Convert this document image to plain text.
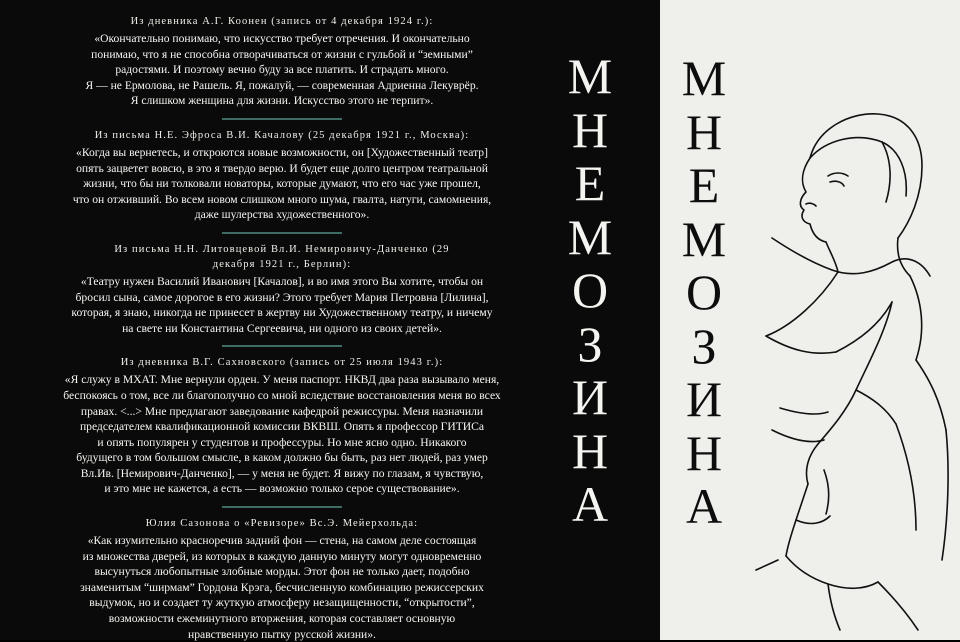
Из дневника А.Г. Коонен (запись от 4 декабря 1924 г.):
«Окончательно понимаю, что искусство требует отречения. И окончательно
понимаю, что я не способна отворачиваться от жизни с гульбой и “земными”
радостями. И поэтому вечно буду за все платить. И страдать много.
Я — не Ермолова, не Рашель. Я, пожалуй, — современная Адриенна Лекуврёр.
Я слишком женщина для жизни. Искусство этого не терпит».
Из письма Н.Е. Эфроса В.И. Качалову (25 декабря 1921 г., Москва):
«Когда вы вернетесь, и откроются новые возможности, он [Художественный театр]
опять зацветет вовсю, в это я твердо верю. И будет еще долго центром театральной
жизни, что бы ни толковали новаторы, которые думают, что его час уже прошел,
что он отживший. Во всем новом слишком много шума, гвалта, натуги, самомнения,
даже шулерства художественного».
Из письма Н.Н. Литовцевой Вл.И. Немировичу-Данченко (29 декабря 1921 г., Берлин):
«Театру нужен Василий Иванович [Качалов], и во имя этого Вы хотите, чтобы он
бросил сына, самое дорогое в его жизни? Этого требует Мария Петровна [Лилина],
которая, я знаю, никогда не принесет в жертву ни Художественному театру, и ничему
на свете ни Константина Сергеевича, ни одного из своих детей».
Из дневника В.Г. Сахновского (запись от 25 июля 1943 г.):
«Я служу в МХАТ. Мне вернули орден. У меня паспорт. НКВД два раза вызывало меня,
беспокоясь о том, все ли благополучно со мной вследствие восстановления меня во всех
правах. <...> Мне предлагают заведование кафедрой режиссуры. Меня назначили
председателем квалификационной комиссии ВКВШ. Опять я профессор ГИТИСа
и опять популярен у студентов и профессуры. Но мне ясно одно. Никакого
будущего в том большом смысле, в каком должно бы быть, раз нет людей, раз умер
Вл.Ив. [Немирович-Данченко], — у меня не будет. Я вижу по глазам, я чувствую,
и это мне не кажется, а есть — возможно только серое существование».
Юлия Сазонова о «Ревизоре» Вс.Э. Мейерхольда:
«Как изумительно красноречив задний фон — стена, на самом деле состоящая
из множества дверей, из которых в каждую данную минуту могут одновременно
высунуться любопытные злобные морды. Этот фон не только дает, подобно
знаменитым “ширмам” Гордона Крэга, бесчисленную комбинацию режиссерских
выдумок, но и создает ту жуткую атмосферу незащищенности, “открытости”,
возможности ежеминутного вторжения, которая составляет основную
нравственную пытку русской жизни».
М
Н
Е
М
О
З
И
Н
А
М
Н
Е
М
О
З
И
Н
А
